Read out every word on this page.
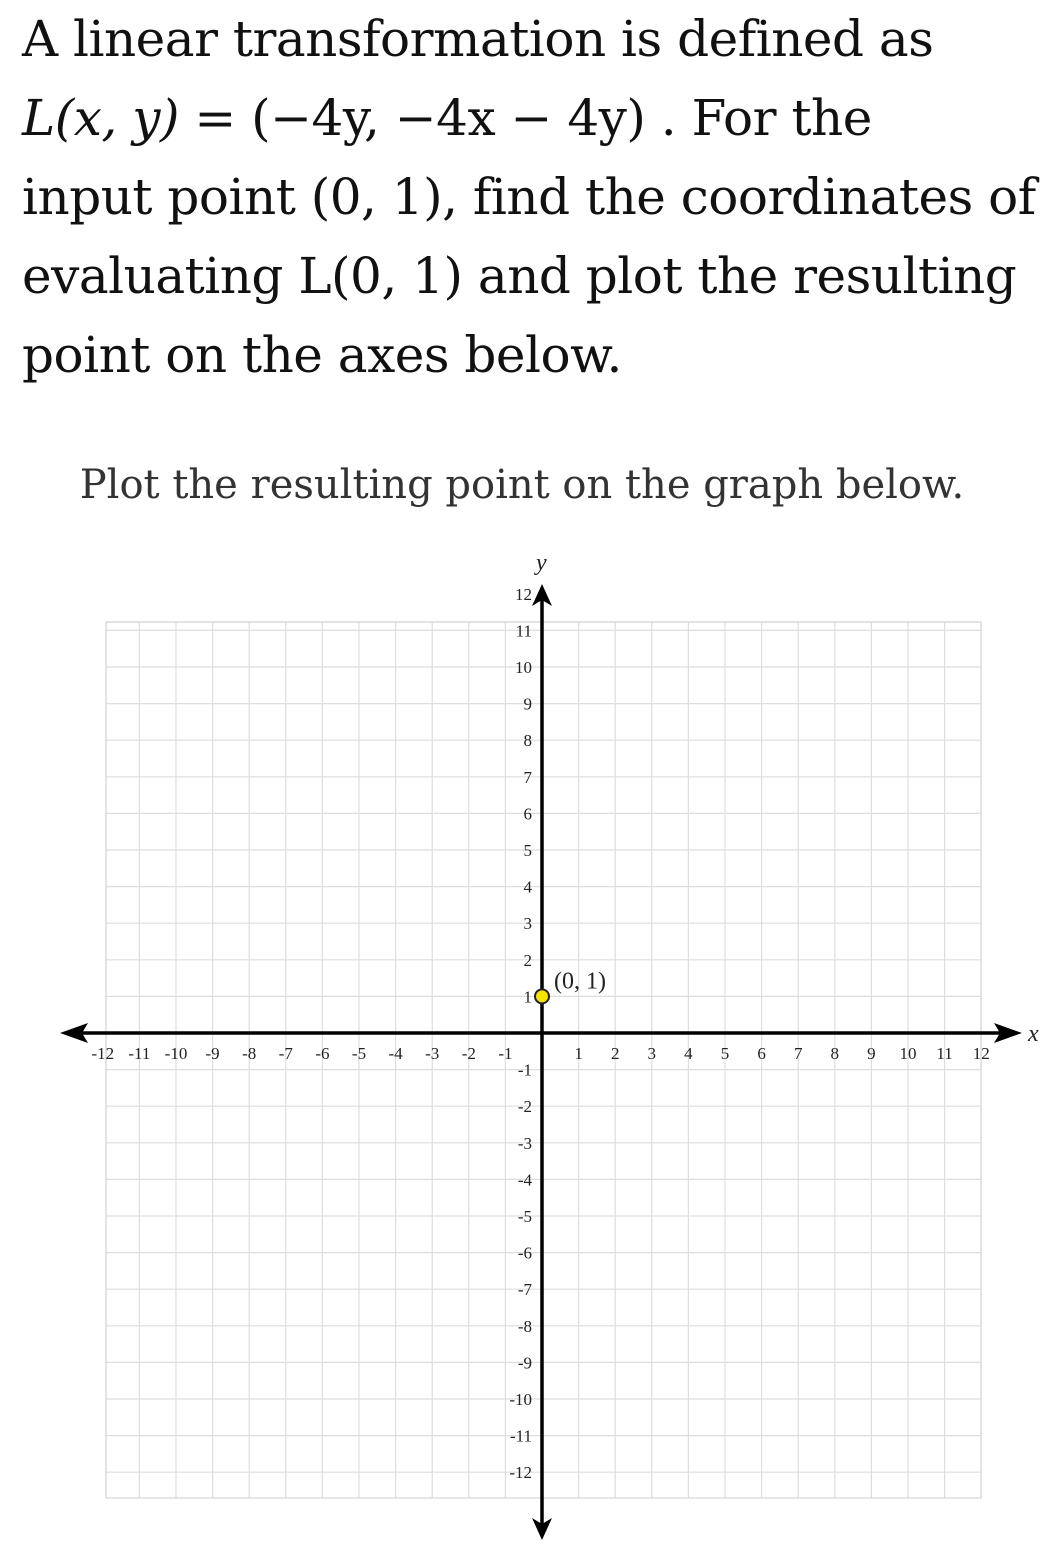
A linear transformation is defined as
L(x, y) = (−4y, −4x − 4y) . For the
input point (0, 1), find the coordinates of
evaluating L(0, 1) and plot the resulting
point on the axes below.
Plot the resulting point on the graph below.
x
y
-12 -11 -10 -9 -8 -7 -6 -5 -4 -3 -2 -1	1 2 3 4 5 6 7 8 9 10 11 12
-12
-11
-10
-9
-8
-7
-6
-5
-4
-3
-2
-1
1
2
3
4
5
6
7
8
9
10
11
12
(0, 1)
